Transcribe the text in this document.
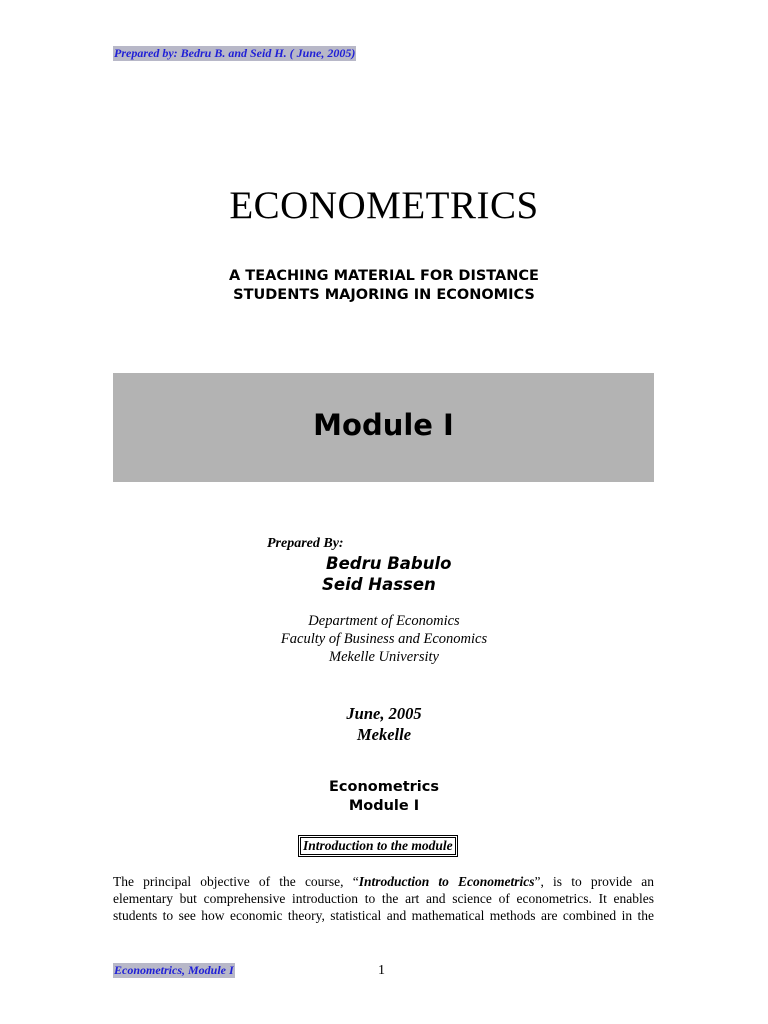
Prepared by: Bedru B. and Seid H. ( June, 2005)
ECONOMETRICS
A TEACHING MATERIAL FOR DISTANCE
STUDENTS MAJORING IN ECONOMICS
Module I
Prepared By:
Bedru Babulo
Seid Hassen
Department of Economics
Faculty of Business and Economics
Mekelle University
June, 2005
Mekelle
Econometrics
Module I
Introduction to the module
The principal objective of the course, “Introduction to Econometrics”, is to provide an
elementary but comprehensive introduction to the art and science of econometrics. It enables
students to see how economic theory, statistical and mathematical methods are combined in the
Econometrics, Module I	1
